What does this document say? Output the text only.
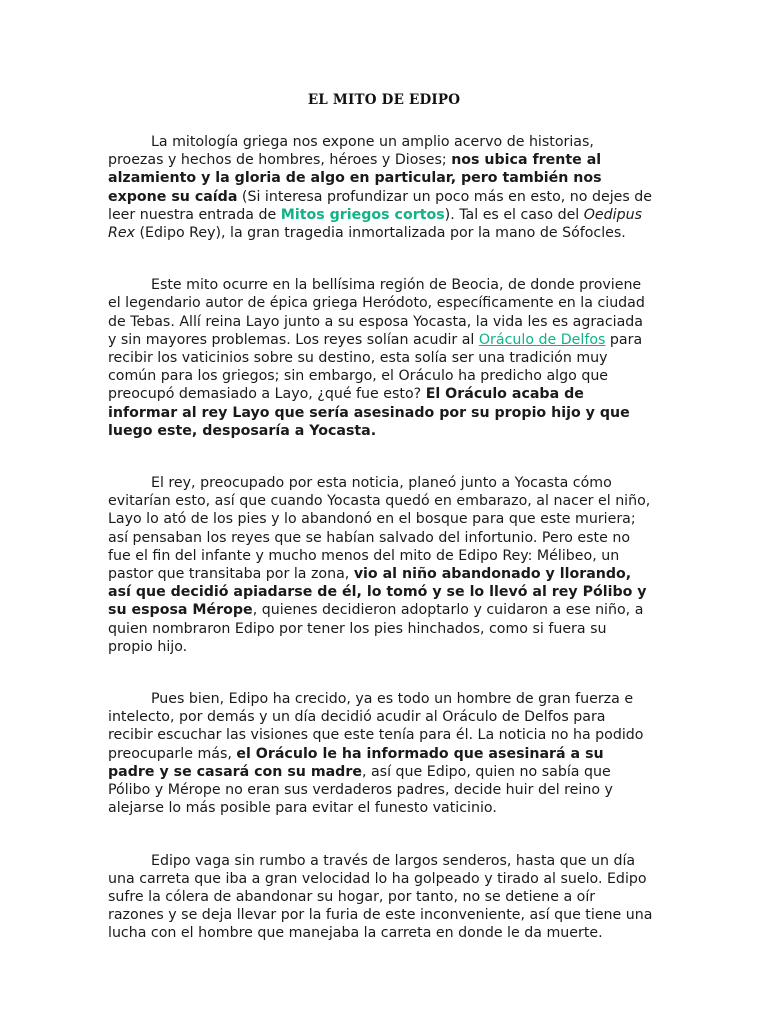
EL MITO DE EDIPO

La mitología griega nos expone un amplio acervo de historias, proezas y hechos de hombres, héroes y Dioses; nos ubica frente al alzamiento y la gloria de algo en particular, pero también nos expone su caída (Si interesa profundizar un poco más en esto, no dejes de leer nuestra entrada de Mitos griegos cortos). Tal es el caso del Oedipus Rex (Edipo Rey), la gran tragedia inmortalizada por la mano de Sófocles.

Este mito ocurre en la bellísima región de Beocia, de donde proviene el legendario autor de épica griega Heródoto, específicamente en la ciudad de Tebas. Allí reina Layo junto a su esposa Yocasta, la vida les es agraciada y sin mayores problemas. Los reyes solían acudir al Oráculo de Delfos para recibir los vaticinios sobre su destino, esta solía ser una tradición muy común para los griegos; sin embargo, el Oráculo ha predicho algo que preocupó demasiado a Layo, ¿qué fue esto? El Oráculo acaba de informar al rey Layo que sería asesinado por su propio hijo y que luego este, desposaría a Yocasta.

El rey, preocupado por esta noticia, planeó junto a Yocasta cómo evitarían esto, así que cuando Yocasta quedó en embarazo, al nacer el niño, Layo lo ató de los pies y lo abandonó en el bosque para que este muriera; así pensaban los reyes que se habían salvado del infortunio. Pero este no fue el fin del infante y mucho menos del mito de Edipo Rey: Mélibeo, un pastor que transitaba por la zona, vio al niño abandonado y llorando, así que decidió apiadarse de él, lo tomó y se lo llevó al rey Pólibo y su esposa Mérope, quienes decidieron adoptarlo y cuidaron a ese niño, a quien nombraron Edipo por tener los pies hinchados, como si fuera su propio hijo.

Pues bien, Edipo ha crecido, ya es todo un hombre de gran fuerza e intelecto, por demás y un día decidió acudir al Oráculo de Delfos para recibir escuchar las visiones que este tenía para él. La noticia no ha podido preocuparle más, el Oráculo le ha informado que asesinará a su padre y se casará con su madre, así que Edipo, quien no sabía que Pólibo y Mérope no eran sus verdaderos padres, decide huir del reino y alejarse lo más posible para evitar el funesto vaticinio.

Edipo vaga sin rumbo a través de largos senderos, hasta que un día una carreta que iba a gran velocidad lo ha golpeado y tirado al suelo. Edipo sufre la cólera de abandonar su hogar, por tanto, no se detiene a oír razones y se deja llevar por la furia de este inconveniente, así que tiene una lucha con el hombre que manejaba la carreta en donde le da muerte.
